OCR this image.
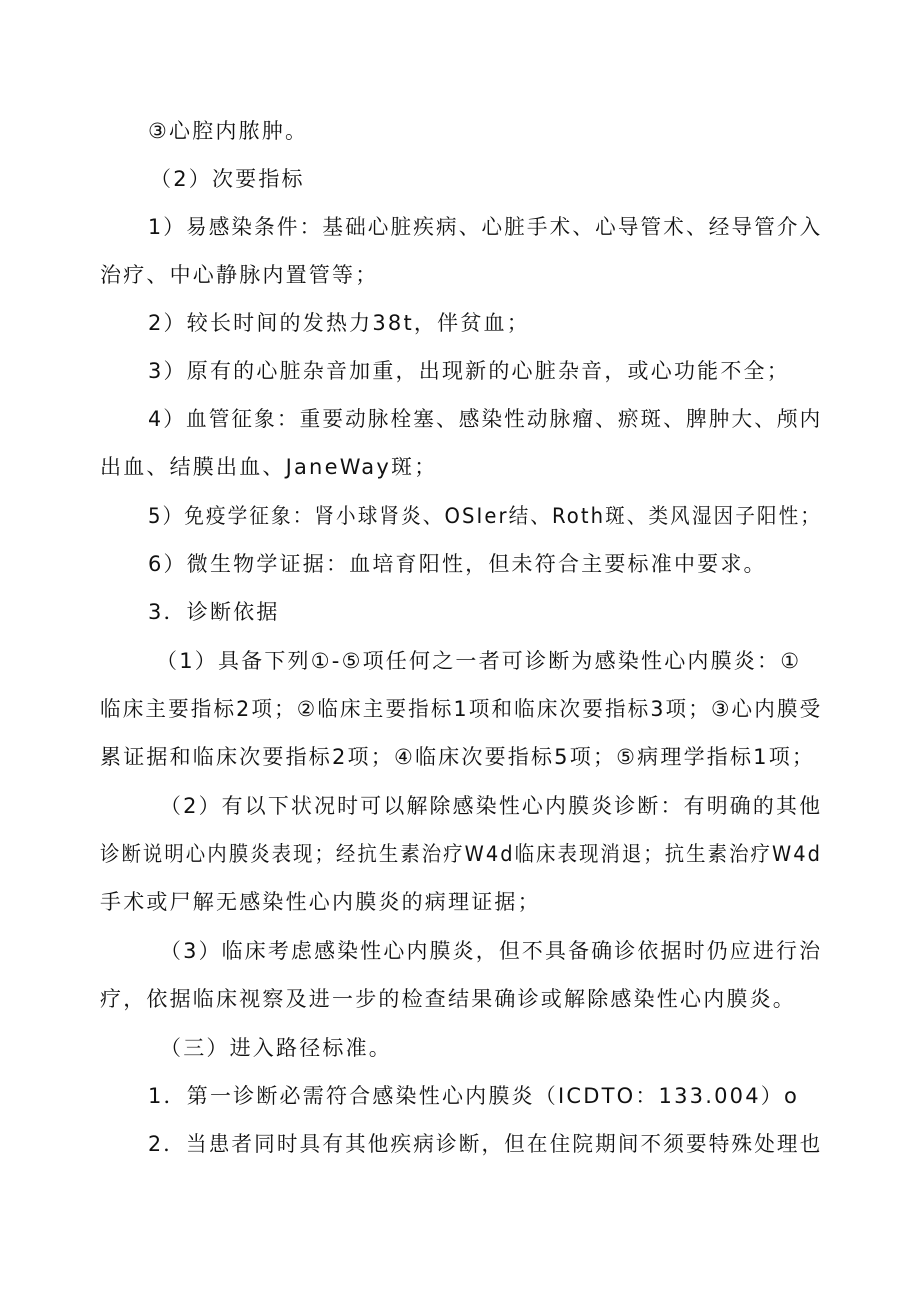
③心腔内脓肿。
（2）次要指标
1）易感染条件：基础心脏疾病、心脏手术、心导管术、经导管介入
治疗、中心静脉内置管等；
2）较长时间的发热力38t，伴贫血；
3）原有的心脏杂音加重，出现新的心脏杂音，或心功能不全；
4）血管征象：重要动脉栓塞、感染性动脉瘤、瘀斑、脾肿大、颅内
出血、结膜出血、JaneWay斑；
5）免疫学征象：肾小球肾炎、OSIer结、Roth斑、类风湿因子阳性；
6）微生物学证据：血培育阳性，但未符合主要标准中要求。
3．诊断依据
（1）具备下列①-⑤项任何之一者可诊断为感染性心内膜炎：①
临床主要指标2项；②临床主要指标1项和临床次要指标3项；③心内膜受
累证据和临床次要指标2项；④临床次要指标5项；⑤病理学指标1项；
（2）有以下状况时可以解除感染性心内膜炎诊断：有明确的其他
诊断说明心内膜炎表现；经抗生素治疗W4d临床表现消退；抗生素治疗W4d
手术或尸解无感染性心内膜炎的病理证据；
（3）临床考虑感染性心内膜炎，但不具备确诊依据时仍应进行治
疗，依据临床视察及进一步的检查结果确诊或解除感染性心内膜炎。
（三）进入路径标准。
1．第一诊断必需符合感染性心内膜炎（ICDTO：133.004）o
2．当患者同时具有其他疾病诊断，但在住院期间不须要特殊处理也
